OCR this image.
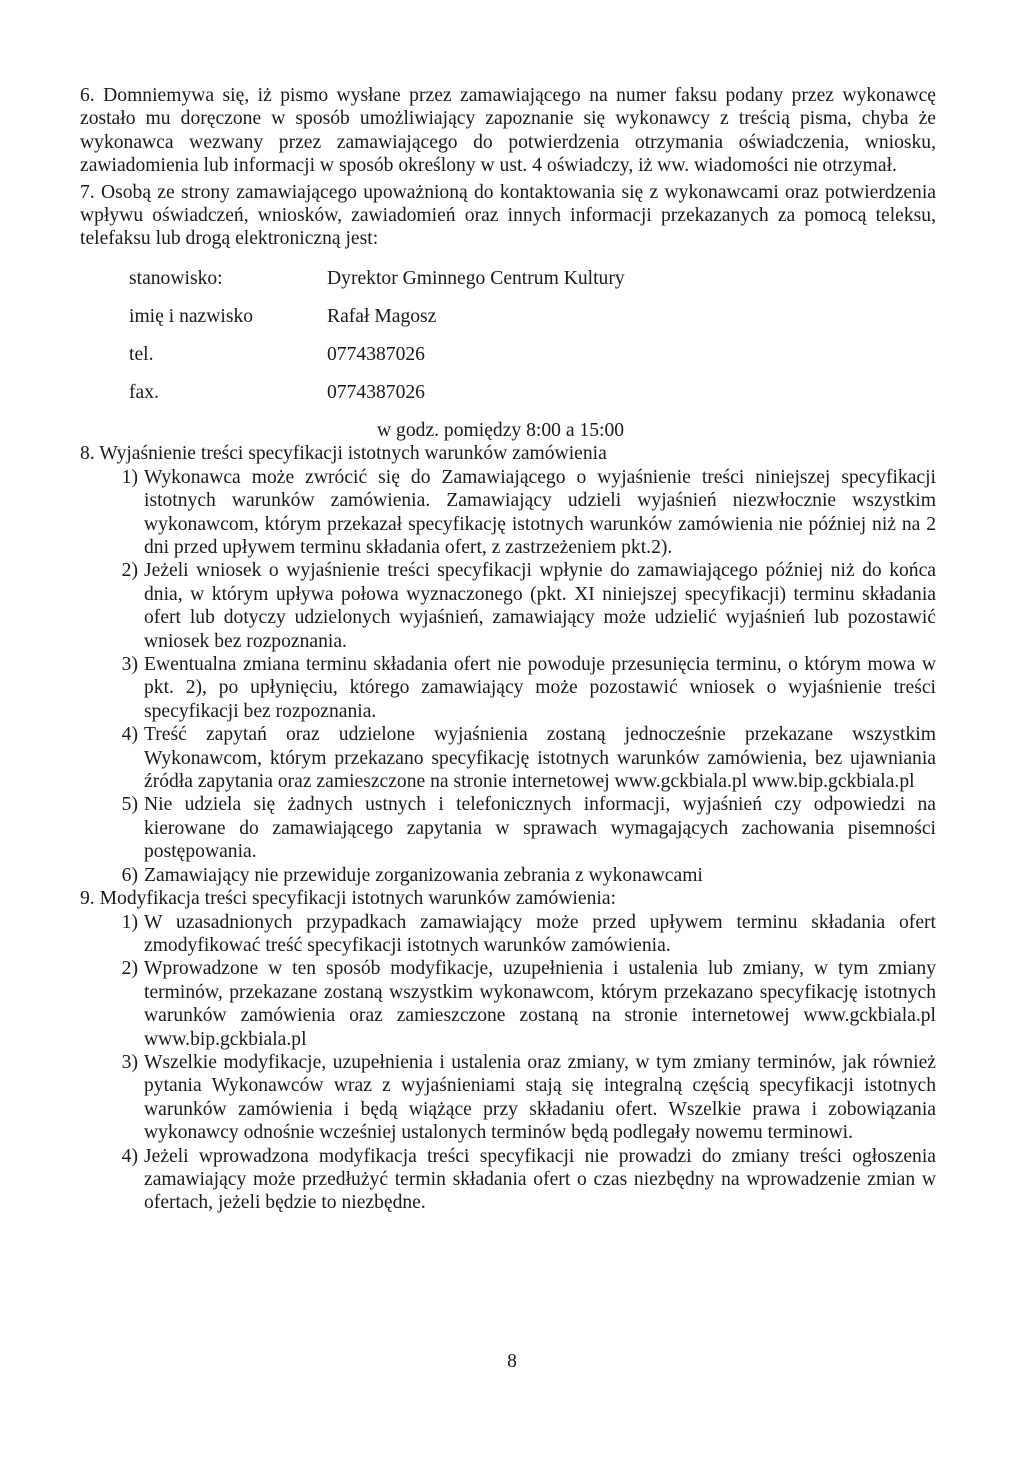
6. Domniemywa się, iż pismo wysłane przez zamawiającego na numer faksu podany przez wykonawcę zostało mu doręczone w sposób umożliwiający zapoznanie się wykonawcy z treścią pisma, chyba że wykonawca wezwany przez zamawiającego do potwierdzenia otrzymania oświadczenia, wniosku, zawiadomienia lub informacji w sposób określony w ust. 4 oświadczy, iż ww. wiadomości nie otrzymał.

7. Osobą ze strony zamawiającego upoważnioną do kontaktowania się z wykonawcami oraz potwierdzenia wpływu oświadczeń, wniosków, zawiadomień oraz innych informacji przekazanych za pomocą teleksu, telefaksu lub drogą elektroniczną jest:

stanowisko:	Dyrektor Gminnego Centrum Kultury
imię i nazwisko	Rafał Magosz
tel.	0774387026
fax.	0774387026
w godz. pomiędzy 8:00 a 15:00

8. Wyjaśnienie treści specyfikacji istotnych warunków zamówienia

1) Wykonawca może zwrócić się do Zamawiającego o wyjaśnienie treści niniejszej specyfikacji istotnych warunków zamówienia. Zamawiający udzieli wyjaśnień niezwłocznie wszystkim wykonawcom, którym przekazał specyfikację istotnych warunków zamówienia nie później niż na 2 dni przed upływem terminu składania ofert, z zastrzeżeniem pkt.2).
2) Jeżeli wniosek o wyjaśnienie treści specyfikacji wpłynie do zamawiającego później niż do końca dnia, w którym upływa połowa wyznaczonego (pkt. XI niniejszej specyfikacji) terminu składania ofert lub dotyczy udzielonych wyjaśnień, zamawiający może udzielić wyjaśnień lub pozostawić wniosek bez rozpoznania.
3) Ewentualna zmiana terminu składania ofert nie powoduje przesunięcia terminu, o którym mowa w pkt. 2), po upłynięciu, którego zamawiający może pozostawić wniosek o wyjaśnienie treści specyfikacji bez rozpoznania.
4) Treść zapytań oraz udzielone wyjaśnienia zostaną jednocześnie przekazane wszystkim Wykonawcom, którym przekazano specyfikację istotnych warunków zamówienia, bez ujawniania źródła zapytania oraz zamieszczone na stronie internetowej www.gckbiala.pl www.bip.gckbiala.pl
5) Nie udziela się żadnych ustnych i telefonicznych informacji, wyjaśnień czy odpowiedzi na kierowane do zamawiającego zapytania w sprawach wymagających zachowania pisemności postępowania.
6) Zamawiający nie przewiduje zorganizowania zebrania z wykonawcami

9. Modyfikacja treści specyfikacji istotnych warunków zamówienia:

1) W uzasadnionych przypadkach zamawiający może przed upływem terminu składania ofert zmodyfikować treść specyfikacji istotnych warunków zamówienia.
2) Wprowadzone w ten sposób modyfikacje, uzupełnienia i ustalenia lub zmiany, w tym zmiany terminów, przekazane zostaną wszystkim wykonawcom, którym przekazano specyfikację istotnych warunków zamówienia oraz zamieszczone zostaną na stronie internetowej www.gckbiala.pl www.bip.gckbiala.pl
3) Wszelkie modyfikacje, uzupełnienia i ustalenia oraz zmiany, w tym zmiany terminów, jak również pytania Wykonawców wraz z wyjaśnieniami stają się integralną częścią specyfikacji istotnych warunków zamówienia i będą wiążące przy składaniu ofert. Wszelkie prawa i zobowiązania wykonawcy odnośnie wcześniej ustalonych terminów będą podlegały nowemu terminowi.
4) Jeżeli wprowadzona modyfikacja treści specyfikacji nie prowadzi do zmiany treści ogłoszenia zamawiający może przedłużyć termin składania ofert o czas niezbędny na wprowadzenie zmian w ofertach, jeżeli będzie to niezbędne.
8
